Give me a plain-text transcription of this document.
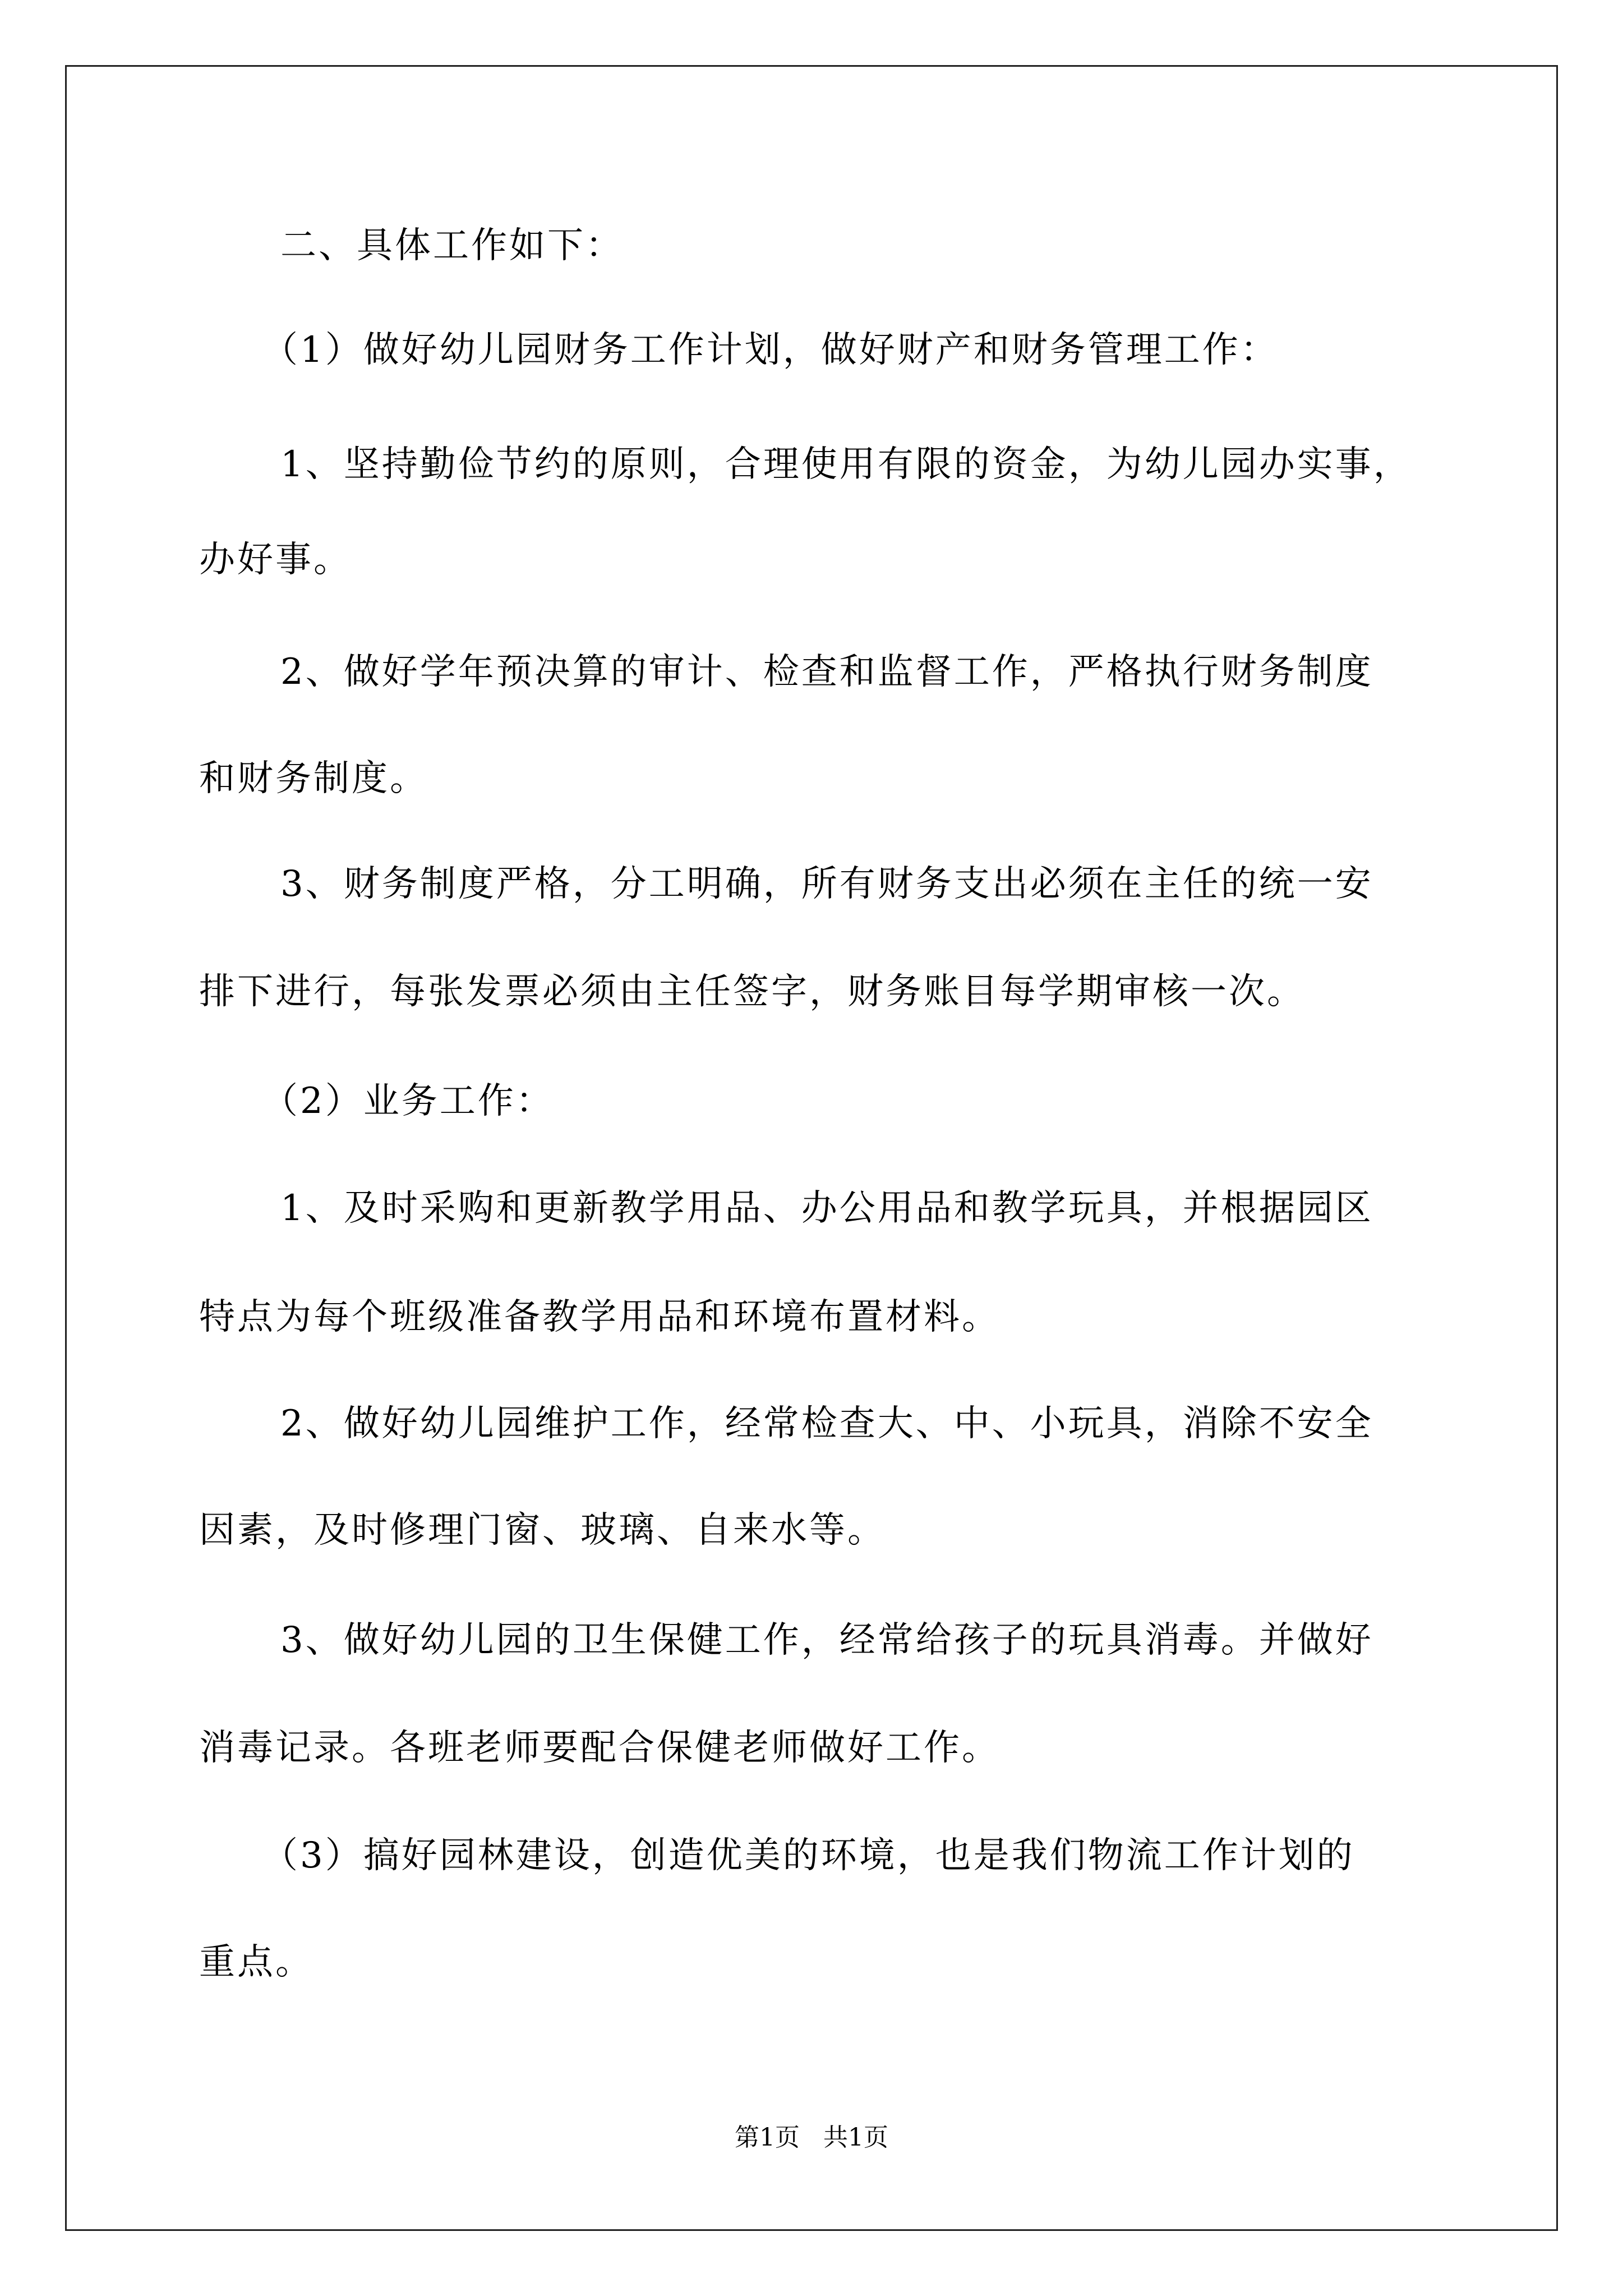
二、具体工作如下：
（1）做好幼儿园财务工作计划，做好财产和财务管理工作：
1、坚持勤俭节约的原则，合理使用有限的资金，为幼儿园办实事，
办好事。
2、做好学年预决算的审计、检查和监督工作，严格执行财务制度
和财务制度。
3、财务制度严格，分工明确，所有财务支出必须在主任的统一安
排下进行，每张发票必须由主任签字，财务账目每学期审核一次。
（2）业务工作：
1、及时采购和更新教学用品、办公用品和教学玩具，并根据园区
特点为每个班级准备教学用品和环境布置材料。
2、做好幼儿园维护工作，经常检查大、中、小玩具，消除不安全
因素，及时修理门窗、玻璃、自来水等。
3、做好幼儿园的卫生保健工作，经常给孩子的玩具消毒。并做好
消毒记录。各班老师要配合保健老师做好工作。
（3）搞好园林建设，创造优美的环境，也是我们物流工作计划的
重点。
第1页 共1页
